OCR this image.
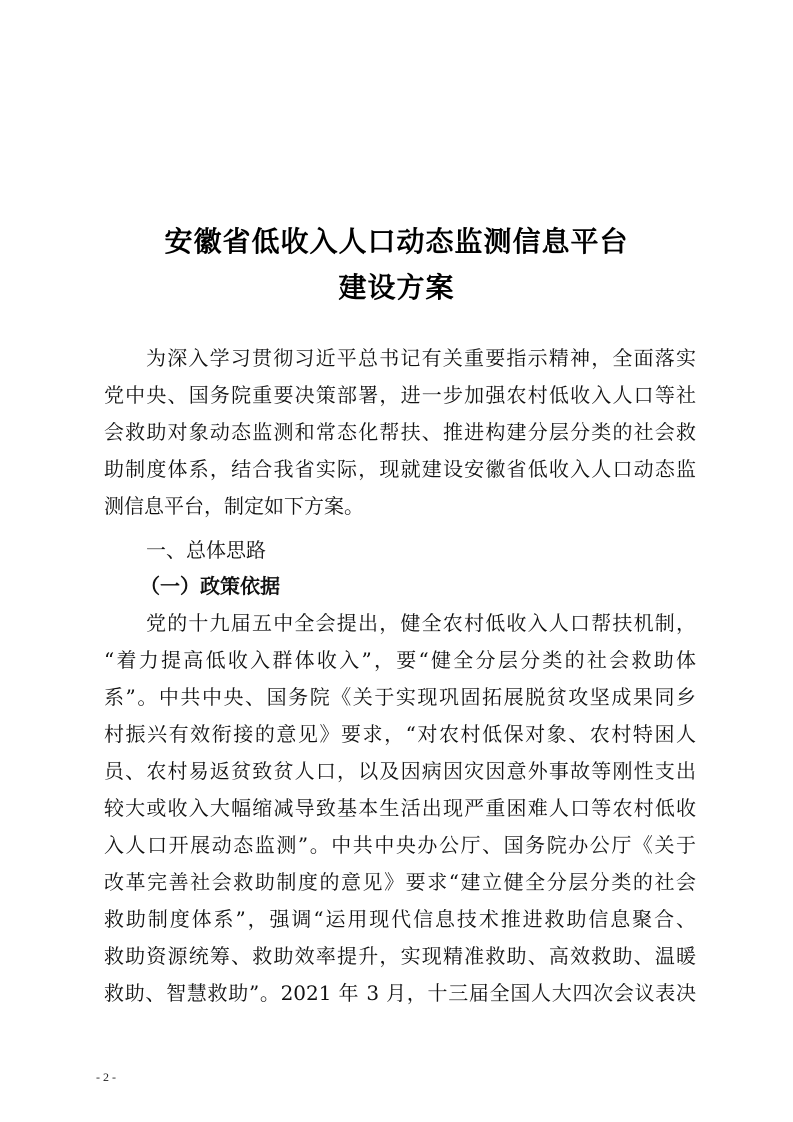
安徽省低收入人口动态监测信息平台
建设方案
为深入学习贯彻习近平总书记有关重要指示精神，全面落实
党中央、国务院重要决策部署，进一步加强农村低收入人口等社
会救助对象动态监测和常态化帮扶、推进构建分层分类的社会救
助制度体系，结合我省实际，现就建设安徽省低收入人口动态监
测信息平台，制定如下方案。
一、总体思路
（一）政策依据
党的十九届五中全会提出，健全农村低收入人口帮扶机制，
“着力提高低收入群体收入”，要“健全分层分类的社会救助体
系”。中共中央、国务院《关于实现巩固拓展脱贫攻坚成果同乡
村振兴有效衔接的意见》要求，“对农村低保对象、农村特困人
员、农村易返贫致贫人口，以及因病因灾因意外事故等刚性支出
较大或收入大幅缩减导致基本生活出现严重困难人口等农村低收
入人口开展动态监测”。中共中央办公厅、国务院办公厅《关于
改革完善社会救助制度的意见》要求“建立健全分层分类的社会
救助制度体系”，强调“运用现代信息技术推进救助信息聚合、
救助资源统筹、救助效率提升，实现精准救助、高效救助、温暖
救助、智慧救助”。2021 年 3 月，十三届全国人大四次会议表决
- 2 -
